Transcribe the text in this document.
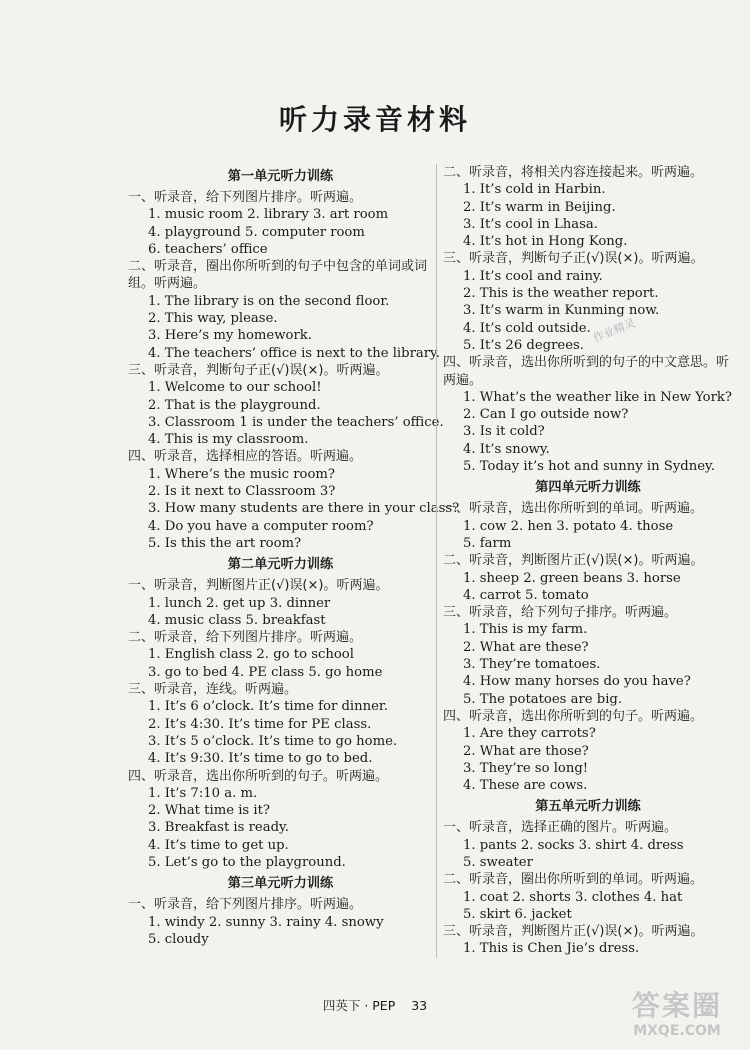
听力录音材料
第一单元听力训练
一、听录音，给下列图片排序。听两遍。
1. music room 2. library 3. art room
4. playground 5. computer room
6. teachers’ office
二、听录音，圈出你所听到的句子中包含的单词或词组。听两遍。
1. The library is on the second floor.
2. This way, please.
3. Here’s my homework.
4. The teachers’ office is next to the library.
三、听录音，判断句子正(√)误(×)。听两遍。
1. Welcome to our school!
2. That is the playground.
3. Classroom 1 is under the teachers’ office.
4. This is my classroom.
四、听录音，选择相应的答语。听两遍。
1. Where’s the music room?
2. Is it next to Classroom 3?
3. How many students are there in your class?
4. Do you have a computer room?
5. Is this the art room?
第二单元听力训练
一、听录音，判断图片正(√)误(×)。听两遍。
1. lunch 2. get up 3. dinner
4. music class 5. breakfast
二、听录音，给下列图片排序。听两遍。
1. English class 2. go to school
3. go to bed 4. PE class 5. go home
三、听录音，连线。听两遍。
1. It’s 6 o’clock. It’s time for dinner.
2. It’s 4:30. It’s time for PE class.
3. It’s 5 o’clock. It’s time to go home.
4. It’s 9:30. It’s time to go to bed.
四、听录音，选出你所听到的句子。听两遍。
1. It’s 7:10 a. m.
2. What time is it?
3. Breakfast is ready.
4. It’s time to get up.
5. Let’s go to the playground.
第三单元听力训练
一、听录音，给下列图片排序。听两遍。
1. windy 2. sunny 3. rainy 4. snowy
5. cloudy
二、听录音，将相关内容连接起来。听两遍。
1. It’s cold in Harbin.
2. It’s warm in Beijing.
3. It’s cool in Lhasa.
4. It’s hot in Hong Kong.
三、听录音，判断句子正(√)误(×)。听两遍。
1. It’s cool and rainy.
2. This is the weather report.
3. It’s warm in Kunming now.
4. It’s cold outside.
5. It’s 26 degrees.
四、听录音，选出你所听到的句子的中文意思。听两遍。
1. What’s the weather like in New York?
2. Can I go outside now?
3. Is it cold?
4. It’s snowy.
5. Today it’s hot and sunny in Sydney.
第四单元听力训练
一、听录音，选出你所听到的单词。听两遍。
1. cow 2. hen 3. potato 4. those
5. farm
二、听录音，判断图片正(√)误(×)。听两遍。
1. sheep 2. green beans 3. horse
4. carrot 5. tomato
三、听录音，给下列句子排序。听两遍。
1. This is my farm.
2. What are these?
3. They’re tomatoes.
4. How many horses do you have?
5. The potatoes are big.
四、听录音，选出你所听到的句子。听两遍。
1. Are they carrots?
2. What are those?
3. They’re so long!
4. These are cows.
第五单元听力训练
一、听录音，选择正确的图片。听两遍。
1. pants 2. socks 3. shirt 4. dress
5. sweater
二、听录音，圈出你所听到的单词。听两遍。
1. coat 2. shorts 3. clothes 4. hat
5. skirt 6. jacket
三、听录音，判断图片正(√)误(×)。听两遍。
1. This is Chen Jie’s dress.
作业精灵
四英下 · PEP 33	答案圈
MXQE.COM
